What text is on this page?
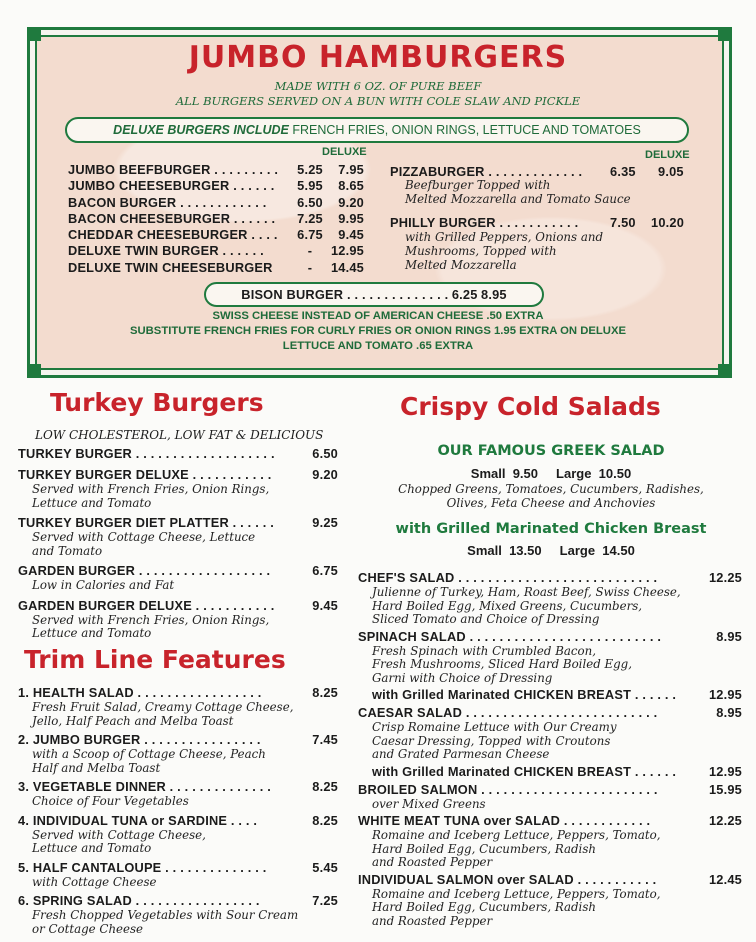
JUMBO HAMBURGERS
MADE WITH 6 OZ. OF PURE BEEF
ALL BURGERS SERVED ON A BUN WITH COLE SLAW AND PICKLE
DELUXE BURGERS INCLUDE FRENCH FRIES, ONION RINGS, LETTUCE AND TOMATOES
DELUXE	DELUXE
JUMBO BEEFBURGER . . . . . . . . . 5.25	7.95
JUMBO CHEESEBURGER . . . . . . 5.95	8.65
BACON BURGER . . . . . . . . . . . . 6.50	9.20
BACON CHEESEBURGER . . . . . . 7.25	9.95
CHEDDAR CHEESEBURGER . . . . 6.75	9.45
DELUXE TWIN BURGER . . . . . .	-	12.95
DELUXE TWIN CHEESEBURGER	-	14.45
PIZZABURGER . . . . . . . . . . . . . 6.35 9.05
Beefburger Topped with
Melted Mozzarella and Tomato Sauce
PHILLY BURGER . . . . . . . . . . . 7.50 10.20
with Grilled Peppers, Onions and
Mushrooms, Topped with
Melted Mozzarella
BISON BURGER . . . . . . . . . . . . . . 6.25 8.95
SWISS CHEESE INSTEAD OF AMERICAN CHEESE .50 EXTRA
SUBSTITUTE FRENCH FRIES FOR CURLY FRIES OR ONION RINGS 1.95 EXTRA ON DELUXE
LETTUCE AND TOMATO .65 EXTRA
Turkey Burgers
LOW CHOLESTEROL, LOW FAT & DELICIOUS
TURKEY BURGER . . . . . . . . . . . . . . . . . . .	6.50
TURKEY BURGER DELUXE . . . . . . . . . . .	9.20
Served with French Fries, Onion Rings,
Lettuce and Tomato
TURKEY BURGER DIET PLATTER . . . . . .	9.25
Served with Cottage Cheese, Lettuce
and Tomato
GARDEN BURGER . . . . . . . . . . . . . . . . . .	6.75
Low in Calories and Fat
GARDEN BURGER DELUXE . . . . . . . . . . .	9.45
Served with French Fries, Onion Rings,
Lettuce and Tomato
Trim Line Features
1. HEALTH SALAD . . . . . . . . . . . . . . . . .	8.25
Fresh Fruit Salad, Creamy Cottage Cheese,
Jello, Half Peach and Melba Toast
2. JUMBO BURGER . . . . . . . . . . . . . . . .	7.45
with a Scoop of Cottage Cheese, Peach
Half and Melba Toast
3. VEGETABLE DINNER . . . . . . . . . . . . . .	8.25
Choice of Four Vegetables
4. INDIVIDUAL TUNA or SARDINE . . . .	8.25
Served with Cottage Cheese,
Lettuce and Tomato
5. HALF CANTALOUPE . . . . . . . . . . . . . .	5.45
with Cottage Cheese
6. SPRING SALAD . . . . . . . . . . . . . . . . .	7.25
Fresh Chopped Vegetables with Sour Cream
or Cottage Cheese
Crispy Cold Salads
OUR FAMOUS GREEK SALAD
Small  9.50     Large  10.50
Chopped Greens, Tomatoes, Cucumbers, Radishes,
Olives, Feta Cheese and Anchovies
with Grilled Marinated Chicken Breast
Small  13.50     Large  14.50
CHEF'S SALAD . . . . . . . . . . . . . . . . . . . . . . . . . . .	12.25
Julienne of Turkey, Ham, Roast Beef, Swiss Cheese,
Hard Boiled Egg, Mixed Greens, Cucumbers,
Sliced Tomato and Choice of Dressing
SPINACH SALAD . . . . . . . . . . . . . . . . . . . . . . . . . .	8.95
Fresh Spinach with Crumbled Bacon,
Fresh Mushrooms, Sliced Hard Boiled Egg,
Garni with Choice of Dressing
with Grilled Marinated CHICKEN BREAST . . . . . .	12.95
CAESAR SALAD . . . . . . . . . . . . . . . . . . . . . . . . . .	8.95
Crisp Romaine Lettuce with Our Creamy
Caesar Dressing, Topped with Croutons
and Grated Parmesan Cheese
with Grilled Marinated CHICKEN BREAST . . . . . .	12.95
BROILED SALMON . . . . . . . . . . . . . . . . . . . . . . . .	15.95
over Mixed Greens
WHITE MEAT TUNA over SALAD . . . . . . . . . . . .	12.25
Romaine and Iceberg Lettuce, Peppers, Tomato,
Hard Boiled Egg, Cucumbers, Radish
and Roasted Pepper
INDIVIDUAL SALMON over SALAD . . . . . . . . . . .	12.45
Romaine and Iceberg Lettuce, Peppers, Tomato,
Hard Boiled Egg, Cucumbers, Radish
and Roasted Pepper
